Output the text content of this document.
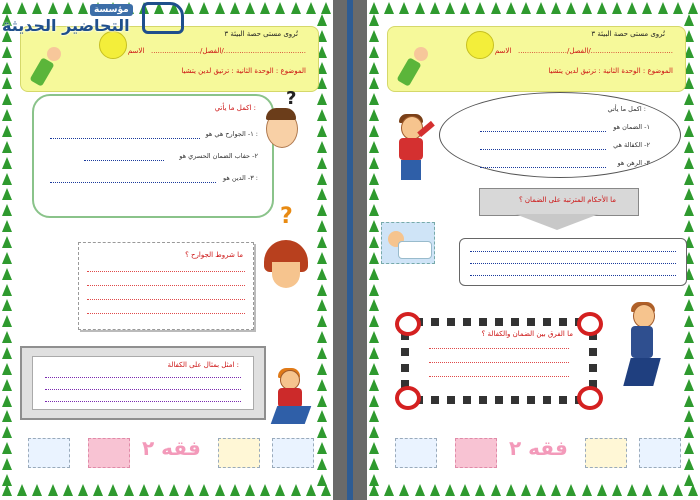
تُروى مستى حصة البيئة ٣
الفصل/......................   الاسم	/.....................................
الموضوع : الوحدة الثانية : ترتيق لدين يتشيا
مؤسسة
التحاضير الحديثة
اكمل ما يأتي :
١- الجوارح هي هو :
٢- حفاب الضمان الحسري هو
٣- الدين هو :
?
?
ما شروط الجوارح ؟
امثل بمثال على الكفالة :
فقه ٢
تُروى مستى حصة البيئة ٣
الفصل/......................   الاسم	/.....................................
الموضوع : الوحدة الثانية : ترتيق لدين يتشيا
اكمل ما يأتي :
١- الضمان هو
٢- الكفالة هي
٣- الرهن هو
ما الأحكام المترتبة على الضمان ؟
ما الفرق بين الضمان والكفالة ؟
فقه ٢
